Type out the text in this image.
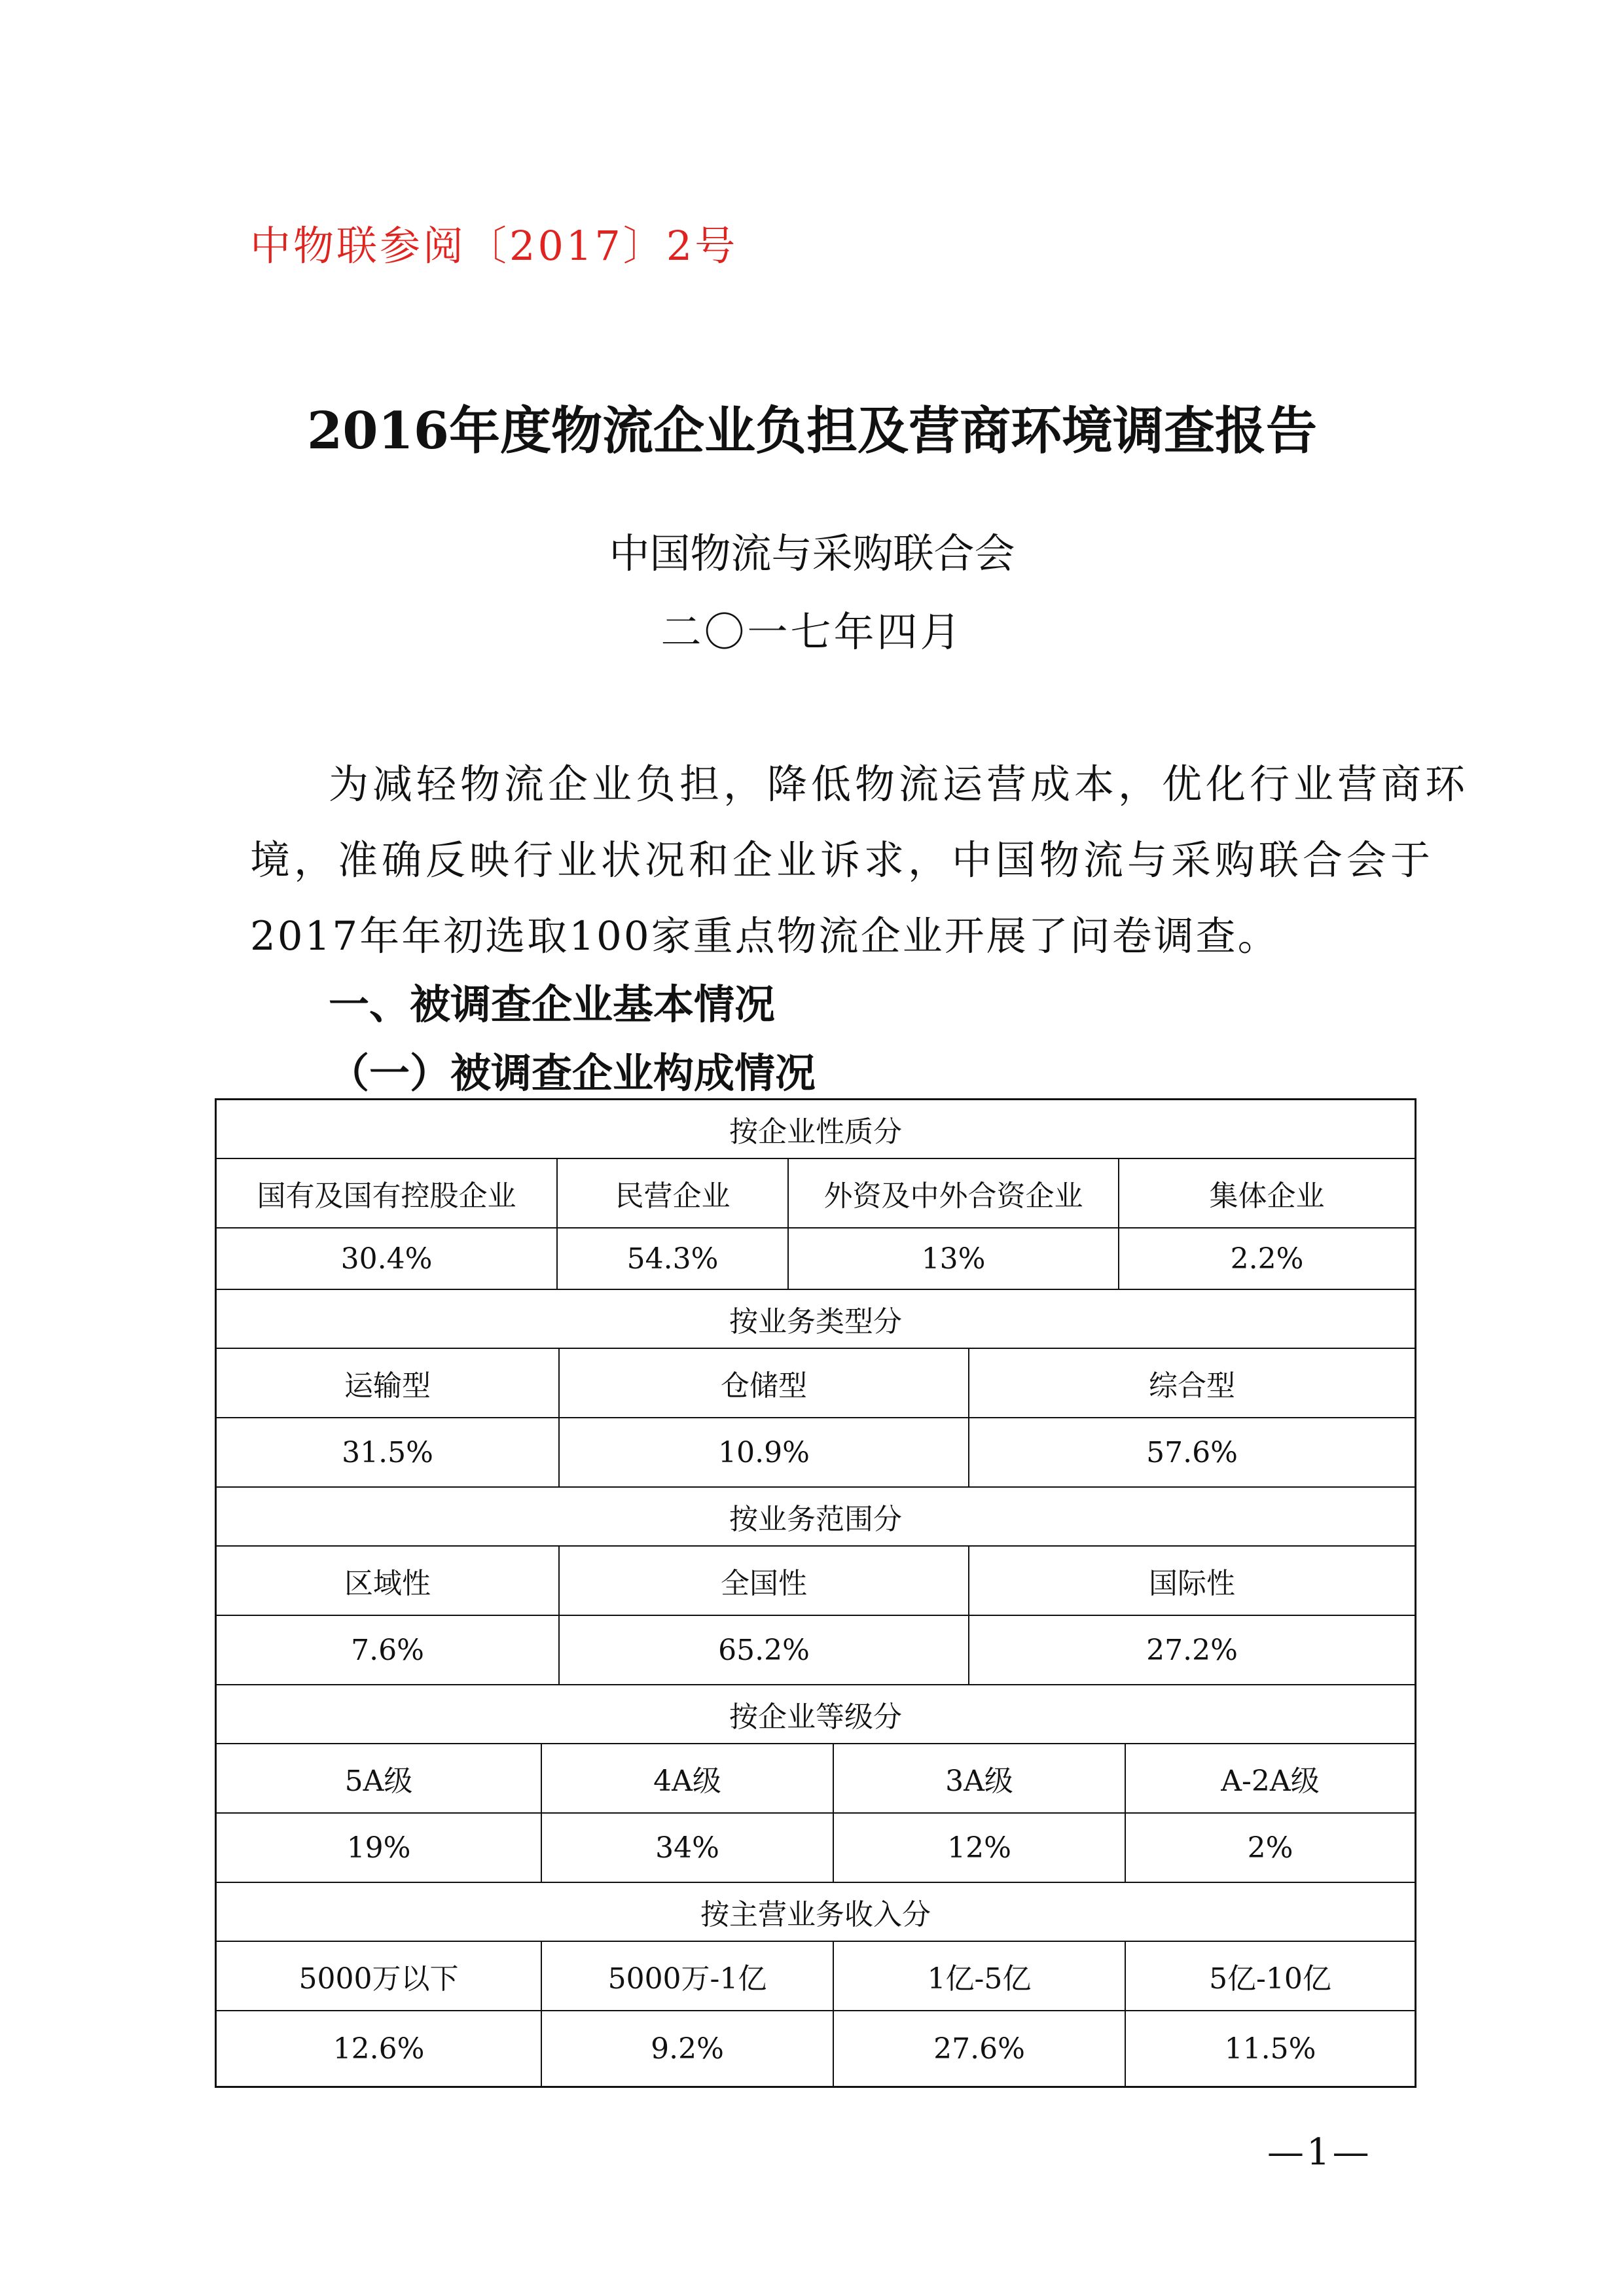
中物联参阅〔2017〕2号
2016年度物流企业负担及营商环境调查报告
中国物流与采购联合会
二〇一七年四月
为减轻物流企业负担，降低物流运营成本，优化行业营商环
境，准确反映行业状况和企业诉求，中国物流与采购联合会于
2017年年初选取100家重点物流企业开展了问卷调查。
一、被调查企业基本情况
（一）被调查企业构成情况
按企业性质分
国有及国有控股企业	民营企业	外资及中外合资企业	集体企业
30.4%	54.3%	13%	2.2%
按业务类型分
运输型	仓储型	综合型
31.5%	10.9%	57.6%
按业务范围分
区域性	全国性	国际性
7.6%	65.2%	27.2%
按企业等级分
5A级	4A级	3A级	A-2A级
19%	34%	12%	2%
按主营业务收入分
5000万以下	5000万-1亿	1亿-5亿	5亿-10亿
12.6%	9.2%	27.6%	11.5%
—1—
